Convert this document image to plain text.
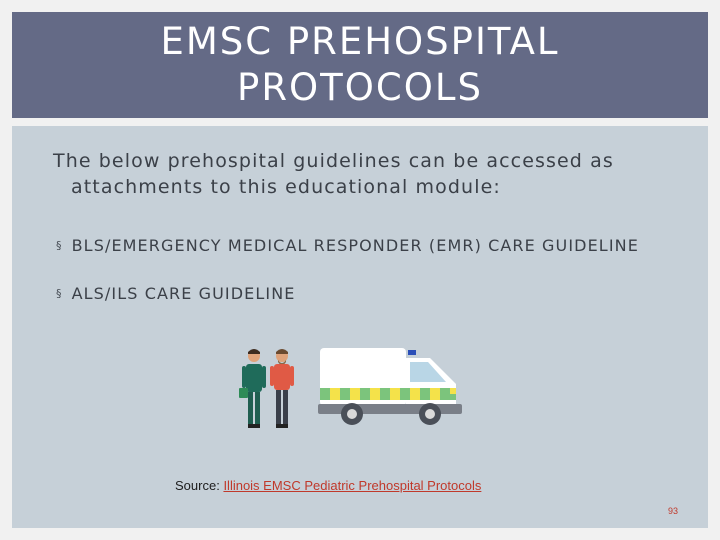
EMSC PREHOSPITAL PROTOCOLS
The below prehospital guidelines can be accessed as
attachments to this educational module:
§ BLS/EMERGENCY MEDICAL RESPONDER (EMR) CARE GUIDELINE
§ ALS/ILS CARE GUIDELINE
Source: Illinois EMSC Pediatric Prehospital Protocols
93
